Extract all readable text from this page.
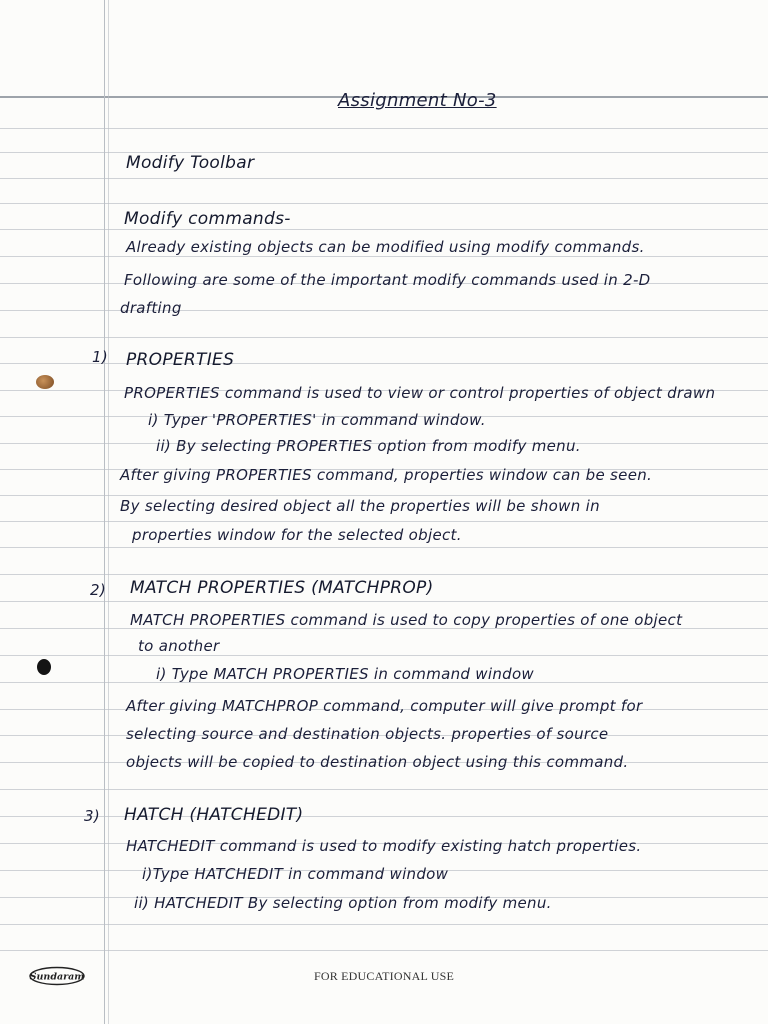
Assignment No-3
Modify Toolbar
Modify commands-
Already existing objects can be modified using modify commands.
Following are some of the important modify commands used in 2-D
drafting
1) PROPERTIES
PROPERTIES command is used to view or control properties of object drawn
i) Typer 'PROPERTIES' in command window.
ii) By selecting PROPERTIES option from modify menu.
After giving PROPERTIES command, properties window can be seen.
By selecting desired object all the properties will be shown in
properties window for the selected object.
2) MATCH PROPERTIES (MATCHPROP)
MATCH PROPERTIES command is used to copy properties of one object
to another
i) Type MATCH PROPERTIES in command window
After giving MATCHPROP command, computer will give prompt for
selecting source and destination objects. properties of source
objects will be copied to destination object using this command.
3) HATCH (HATCHEDIT)
HATCHEDIT command is used to modify existing hatch properties.
i)Type HATCHEDIT in command window
ii) HATCHEDIT By selecting option from modify menu.
Sundaram	FOR EDUCATIONAL USE
